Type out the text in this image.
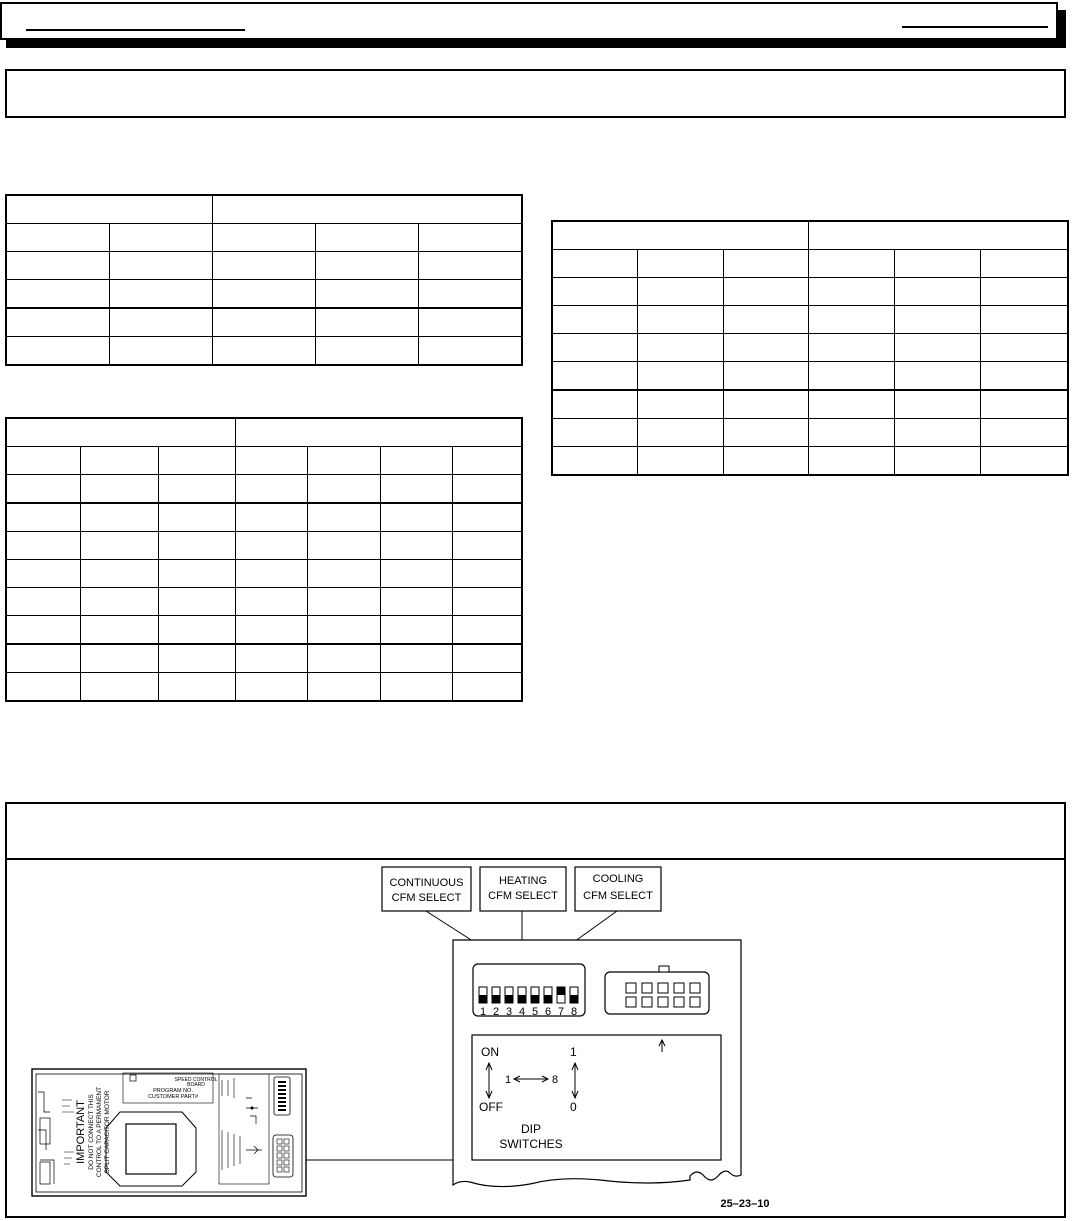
CONTINUOUS
CFM SELECT
HEATING
CFM SELECT
COOLING
CFM SELECT
1 2 3 4 5 6 7 8
ON
OFF
1
0
1	8
DIP
SWITCHES
PROGRAM NO.
CUSTOMER PART#
SPEED CONTROL
BOARD
IMPORTANT DO NOT CONNECT THIS CONTROL TO A PERMANENT SPLIT CAPACITOR MOTOR
25–23–10
